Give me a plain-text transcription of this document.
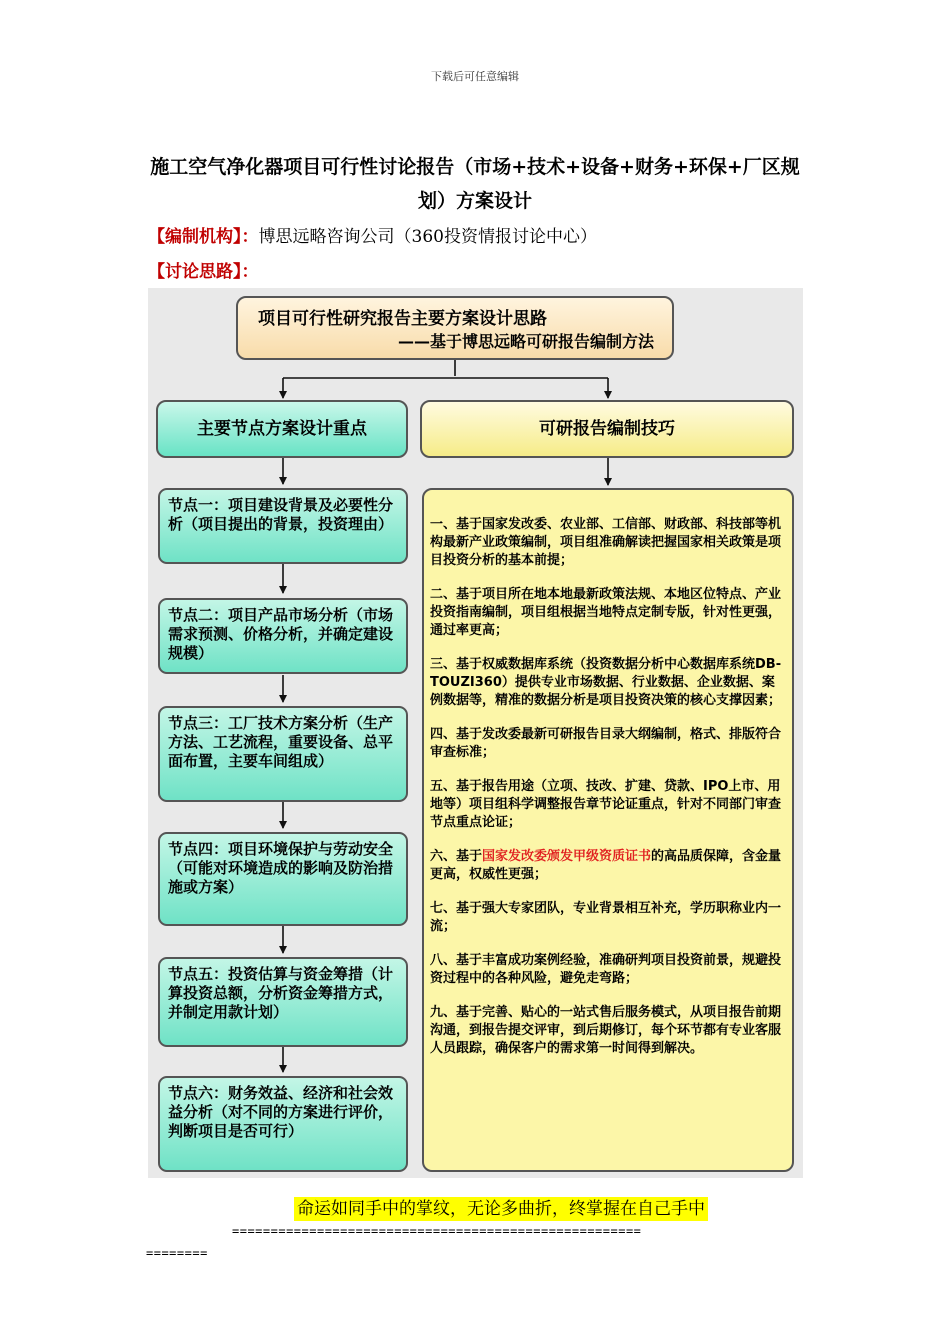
下载后可任意编辑
施工空气净化器项目可行性讨论报告（市场+技术+设备+财务+环保+厂区规划）方案设计
【编制机构】：博思远略咨询公司（360投资情报讨论中心）
【讨论思路】：
项目可行性研究报告主要方案设计思路
——基于博思远略可研报告编制方法
主要节点方案设计重点	可研报告编制技巧
节点一：项目建设背景及必要性分析（项目提出的背景，投资理由）
节点二：项目产品市场分析（市场需求预测、价格分析，并确定建设规模）
节点三：工厂技术方案分析（生产方法、工艺流程，重要设备、总平面布置，主要车间组成）
节点四：项目环境保护与劳动安全（可能对环境造成的影响及防治措施或方案）
节点五：投资估算与资金筹措（计算投资总额，分析资金筹措方式，并制定用款计划）
节点六：财务效益、经济和社会效益分析（对不同的方案进行评价，判断项目是否可行）

一、基于国家发改委、农业部、工信部、财政部、科技部等机构最新产业政策编制，项目组准确解读把握国家相关政策是项目投资分析的基本前提；

二、基于项目所在地本地最新政策法规、本地区位特点、产业投资指南编制，项目组根据当地特点定制专版，针对性更强，通过率更高；

三、基于权威数据库系统（投资数据分析中心数据库系统DB-TOUZI360）提供专业市场数据、行业数据、企业数据、案例数据等，精准的数据分析是项目投资决策的核心支撑因素；

四、基于发改委最新可研报告目录大纲编制，格式、排版符合审查标准；

五、基于报告用途（立项、技改、扩建、贷款、IPO上市、用地等）项目组科学调整报告章节论证重点，针对不同部门审查节点重点论证；

六、基于国家发改委颁发甲级资质证书的高品质保障，含金量更高，权威性更强；

七、基于强大专家团队，专业背景相互补充，学历职称业内一流；

八、基于丰富成功案例经验，准确研判项目投资前景，规避投资过程中的各种风险，避免走弯路；

九、基于完善、贴心的一站式售后服务模式，从项目报告前期沟通，到报告提交评审，到后期修订，每个环节都有专业客服人员跟踪，确保客户的需求第一时间得到解决。

命运如同手中的掌纹，无论多曲折，终掌握在自己手中
=====================================================
========
